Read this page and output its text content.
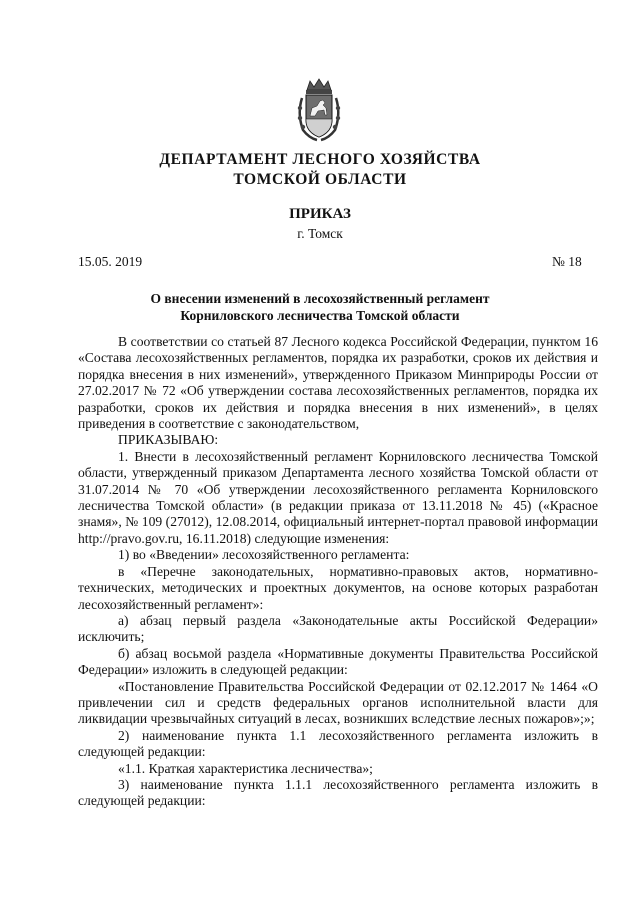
ДЕПАРТАМЕНТ ЛЕСНОГО ХОЗЯЙСТВА
ТОМСКОЙ ОБЛАСТИ
ПРИКАЗ
г. Томск
15.05. 2019	№ 18
О внесении изменений в лесохозяйственный регламент
Корниловского лесничества Томской области

В соответствии со статьей 87 Лесного кодекса Российской Федерации, пунктом 16 «Состава лесохозяйственных регламентов, порядка их разработки, сроков их действия и порядка внесения в них изменений», утвержденного Приказом Минприроды России от 27.02.2017 № 72 «Об утверждении состава лесохозяйственных регламентов, порядка их разработки, сроков их действия и порядка внесения в них изменений», в целях приведения в соответствие с законодательством,

ПРИКАЗЫВАЮ:

1. Внести в лесохозяйственный регламент Корниловского лесничества Томской области, утвержденный приказом Департамента лесного хозяйства Томской области от 31.07.2014 № 70 «Об утверждении лесохозяйственного регламента Корниловского лесничества Томской области» (в редакции приказа от 13.11.2018 № 45) («Красное знамя», № 109 (27012), 12.08.2014, официальный интернет-портал правовой информации http://pravo.gov.ru, 16.11.2018) следующие изменения:

1) во «Введении» лесохозяйственного регламента:

в «Перечне законодательных, нормативно-правовых актов, нормативно-технических, методических и проектных документов, на основе которых разработан лесохозяйственный регламент»:

а) абзац первый раздела «Законодательные акты Российской Федерации» исключить;

б) абзац восьмой раздела «Нормативные документы Правительства Российской Федерации» изложить в следующей редакции:

«Постановление Правительства Российской Федерации от 02.12.2017 № 1464 «О привлечении сил и средств федеральных органов исполнительной власти для ликвидации чрезвычайных ситуаций в лесах, возникших вследствие лесных пожаров»;»;

2) наименование пункта 1.1 лесохозяйственного регламента изложить в следующей редакции:

«1.1. Краткая характеристика лесничества»;

3) наименование пункта 1.1.1 лесохозяйственного регламента изложить в следующей редакции:
